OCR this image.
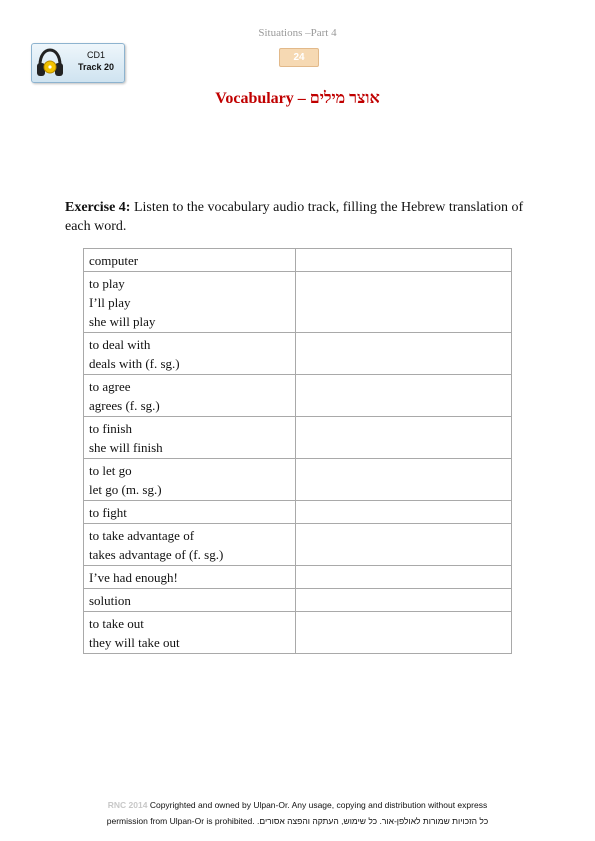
Situations –Part 4
24
CD1
Track 20
Vocabulary – אוצר מילים
Exercise 4: Listen to the vocabulary audio track, filling the Hebrew translation of each word.
computer	

to play
I’ll play
she will play	

to deal with
deals with (f. sg.)	

to agree
agrees (f. sg.)	

to finish
she will finish	

to let go
let go (m. sg.)	

to fight	

to take advantage of
takes advantage of (f. sg.)	

I’ve had enough!	

solution	

to take out
they will take out	

RNC 2014 Copyrighted and owned by Ulpan-Or. Any usage, copying and distribution without express
permission from Ulpan-Or is prohibited. .כל הזכויות שמורות לאולפן-אור. כל שימוש, העתקה והפצה אסורים
